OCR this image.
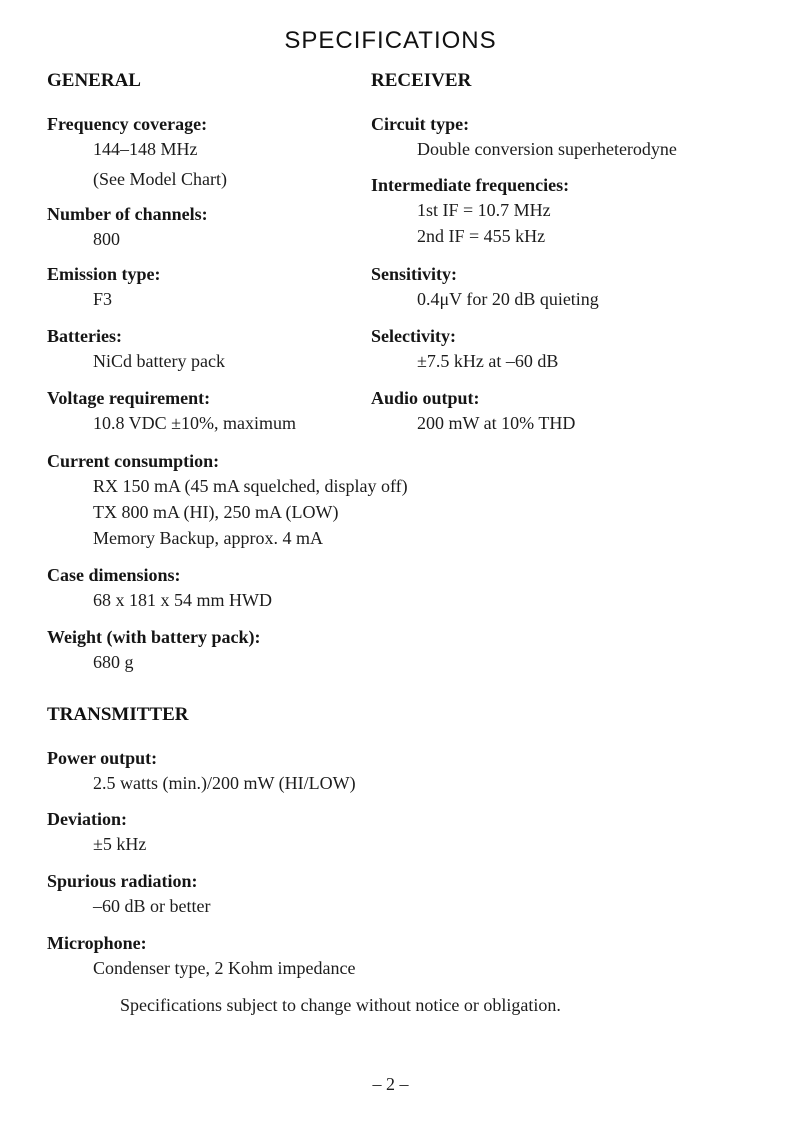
SPECIFICATIONS
GENERAL
Frequency coverage:
144–148 MHz
(See Model Chart)
Number of channels:
800
Emission type:
F3
Batteries:
NiCd battery pack
Voltage requirement:
10.8 VDC ±10%, maximum
Current consumption:
RX 150 mA (45 mA squelched, display off)
TX 800 mA (HI), 250 mA (LOW)
Memory Backup, approx. 4 mA
Case dimensions:
68 x 181 x 54 mm HWD
Weight (with battery pack):
680 g
RECEIVER
Circuit type:
Double conversion superheterodyne
Intermediate frequencies:
1st IF = 10.7 MHz
2nd IF = 455 kHz
Sensitivity:
0.4μV for 20 dB quieting
Selectivity:
±7.5 kHz at –60 dB
Audio output:
200 mW at 10% THD
TRANSMITTER
Power output:
2.5 watts (min.)/200 mW (HI/LOW)
Deviation:
±5 kHz
Spurious radiation:
–60 dB or better
Microphone:
Condenser type, 2 Kohm impedance
Specifications subject to change without notice or obligation.
– 2 –
